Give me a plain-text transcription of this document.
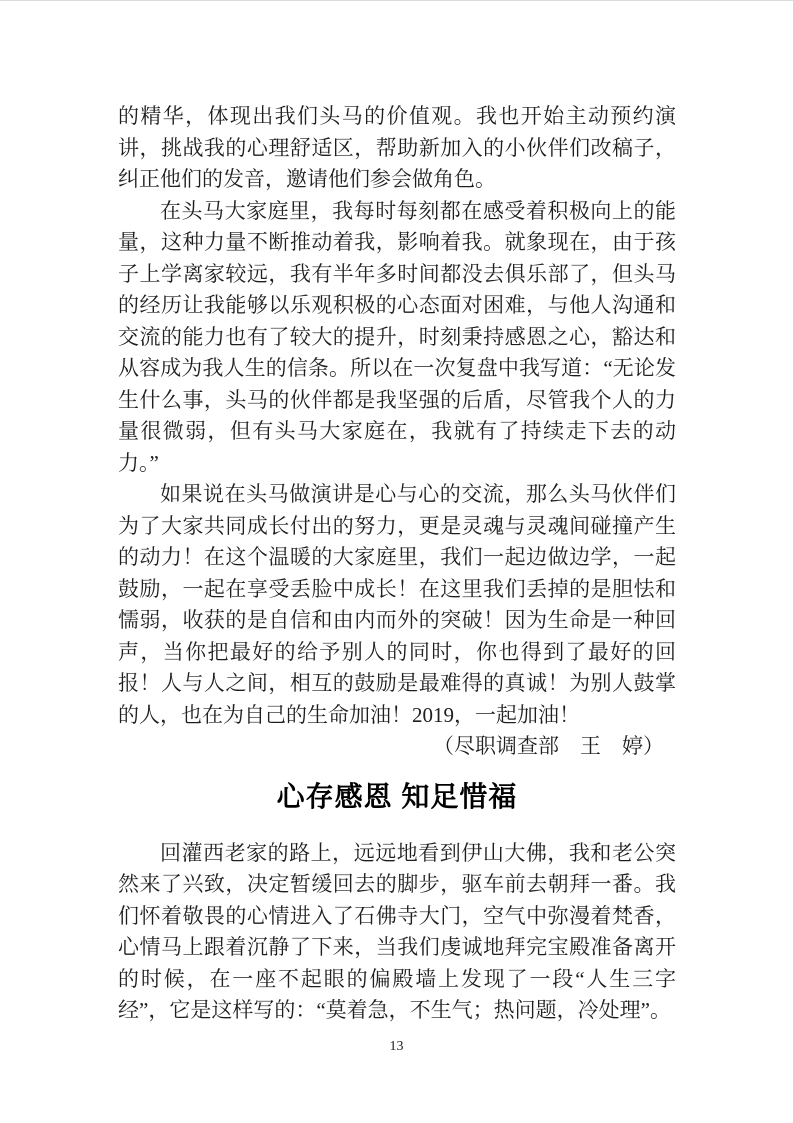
的精华，体现出我们头马的价值观。我也开始主动预约演讲，挑战我的心理舒适区，帮助新加入的小伙伴们改稿子，纠正他们的发音，邀请他们参会做角色。

在头马大家庭里，我每时每刻都在感受着积极向上的能量，这种力量不断推动着我，影响着我。就象现在，由于孩子上学离家较远，我有半年多时间都没去俱乐部了，但头马的经历让我能够以乐观积极的心态面对困难，与他人沟通和交流的能力也有了较大的提升，时刻秉持感恩之心，豁达和从容成为我人生的信条。所以在一次复盘中我写道：“无论发生什么事，头马的伙伴都是我坚强的后盾，尽管我个人的力量很微弱，但有头马大家庭在，我就有了持续走下去的动力。”

如果说在头马做演讲是心与心的交流，那么头马伙伴们为了大家共同成长付出的努力，更是灵魂与灵魂间碰撞产生的动力！在这个温暖的大家庭里，我们一起边做边学，一起鼓励，一起在享受丢脸中成长！在这里我们丢掉的是胆怯和懦弱，收获的是自信和由内而外的突破！因为生命是一种回声，当你把最好的给予别人的同时，你也得到了最好的回报！人与人之间，相互的鼓励是最难得的真诚！为别人鼓掌的人，也在为自己的生命加油！2019，一起加油！

（尽职调查部　王　婷）

心存感恩 知足惜福

回灌西老家的路上，远远地看到伊山大佛，我和老公突然来了兴致，决定暂缓回去的脚步，驱车前去朝拜一番。我们怀着敬畏的心情进入了石佛寺大门，空气中弥漫着梵香，心情马上跟着沉静了下来，当我们虔诚地拜完宝殿准备离开的时候，在一座不起眼的偏殿墙上发现了一段“人生三字经”，它是这样写的：“莫着急，不生气；热问题，冷处理”。

13
